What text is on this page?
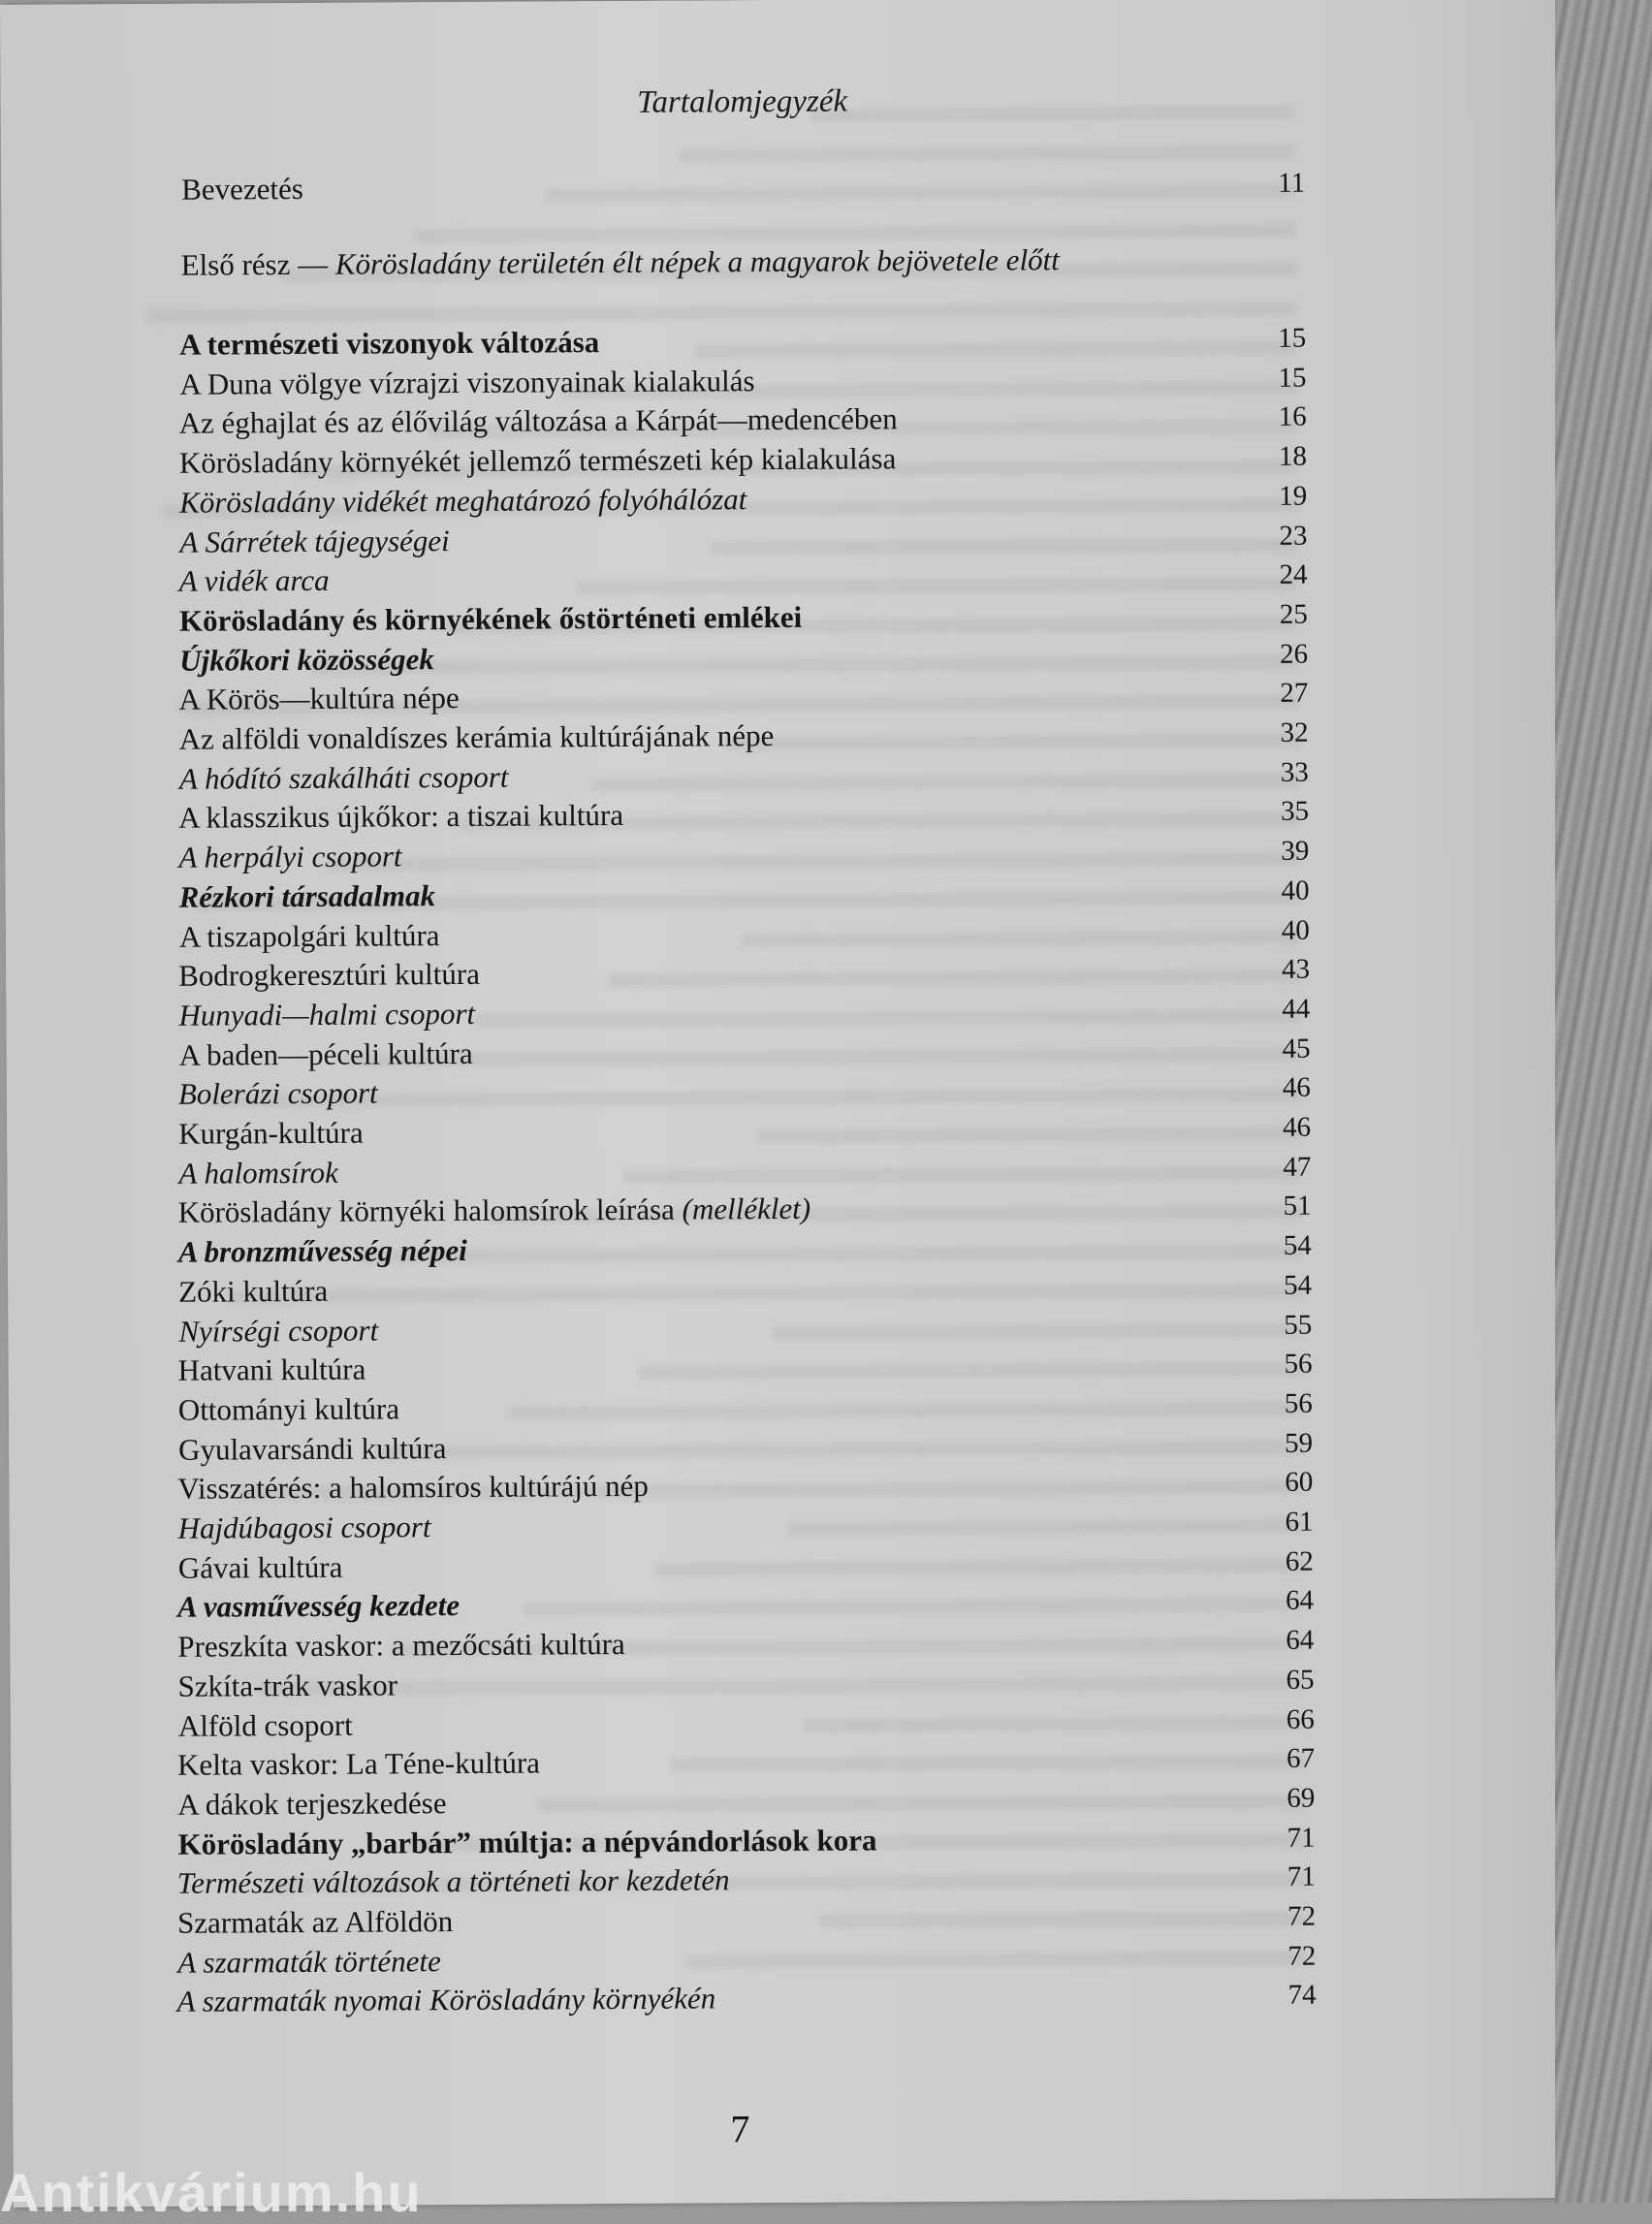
Tartalomjegyzék
Bevezetés	11
A természeti viszonyok változása	15
A Duna völgye vízrajzi viszonyainak kialakulás	15
Az éghajlat és az élővilág változása a Kárpát—medencében	16
Körösladány környékét jellemző természeti kép kialakulása	18
Körösladány vidékét meghatározó folyóhálózat	19
A Sárrétek tájegységei	23
A vidék arca	24
Körösladány és környékének őstörténeti emlékei	25
Újkőkori közösségek	26
A Körös—kultúra népe	27
Az alföldi vonaldíszes kerámia kultúrájának népe	32
A hódító szakálháti csoport	33
A klasszikus újkőkor: a tiszai kultúra	35
A herpályi csoport	39
Rézkori társadalmak	40
A tiszapolgári kultúra	40
Bodrogkeresztúri kultúra	43
Hunyadi—halmi csoport	44
A baden—péceli kultúra	45
Bolerázi csoport	46
Kurgán-kultúra	46
A halomsírok	47
Körösladány környéki halomsírok leírása (melléklet)	51
A bronzművesség népei	54
Zóki kultúra	54
Nyírségi csoport	55
Hatvani kultúra	56
Ottományi kultúra	56
Gyulavarsándi kultúra	59
Visszatérés: a halomsíros kultúrájú nép	60
Hajdúbagosi csoport	61
Gávai kultúra	62
A vasművesség kezdete	64
Preszkíta vaskor: a mezőcsáti kultúra	64
Szkíta-trák vaskor	65
Alföld csoport	66
Kelta vaskor: La Téne-kultúra	67
A dákok terjeszkedése	69
Körösladány „barbár” múltja: a népvándorlások kora	71
Természeti változások a történeti kor kezdetén	71
Szarmaták az Alföldön	72
A szarmaták története	72
A szarmaták nyomai Körösladány környékén	74
Első rész — Körösladány területén élt népek a magyarok bejövetele előtt
7
Antikvárium.hu
